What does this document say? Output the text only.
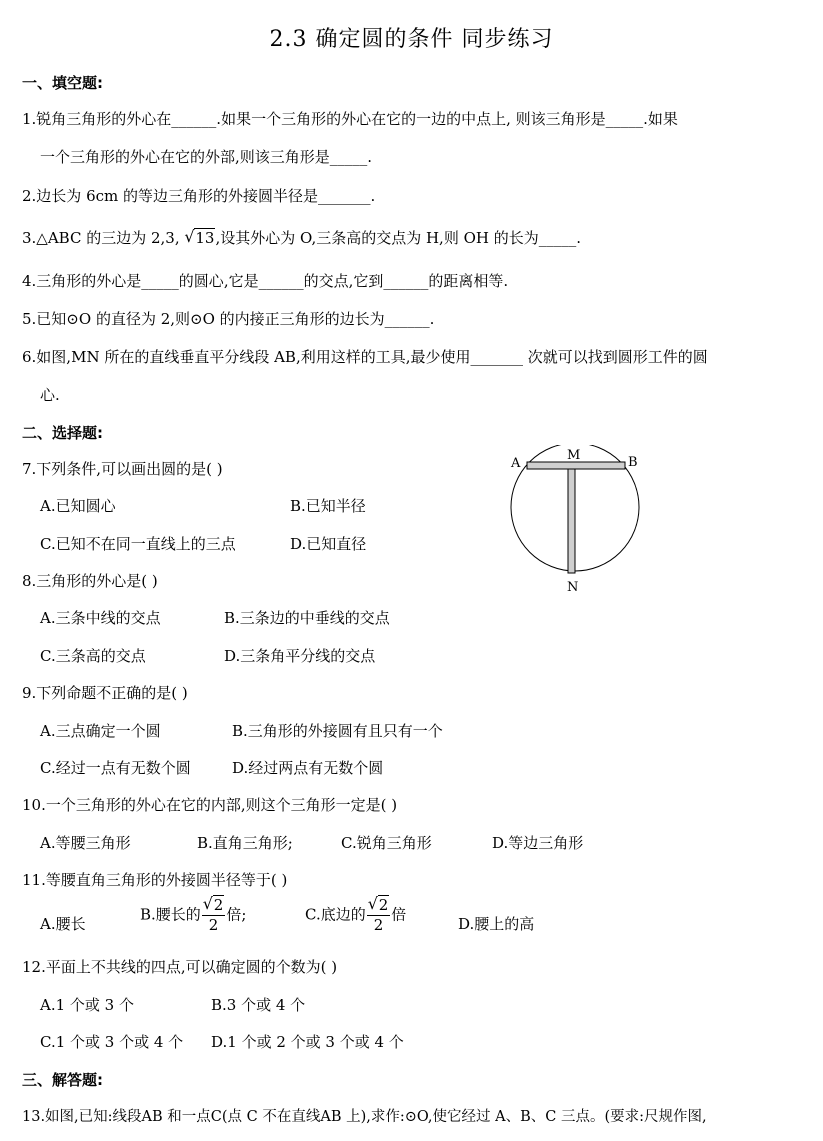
2.3 确定圆的条件 同步练习
一、填空题:
1.锐角三角形的外心在______.如果一个三角形的外心在它的一边的中点上, 则该三角形是_____.如果
一个三角形的外心在它的外部,则该三角形是_____.
2.边长为 6cm 的等边三角形的外接圆半径是_______.
3.△ABC 的三边为 2,3, √ 13,设其外心为 O,三条高的交点为 H,则 OH 的长为_____.
4.三角形的外心是_____的圆心,它是______的交点,它到______的距离相等.
5.已知⊙O 的直径为 2,则⊙O 的内接正三角形的边长为______.
6.如图,MN 所在的直线垂直平分线段 AB,利用这样的工具,最少使用_______ 次就可以找到圆形工件的圆
心.
二、选择题:
7.下列条件,可以画出圆的是( )
A.已知圆心	B.已知半径
C.已知不在同一直线上的三点	D.已知直径
8.三角形的外心是( )
A.三条中线的交点	B.三条边的中垂线的交点
C.三条高的交点	D.三条角平分线的交点
9.下列命题不正确的是( )
A.三点确定一个圆	B.三角形的外接圆有且只有一个
C.经过一点有无数个圆	D.经过两点有无数个圆
10.一个三角形的外心在它的内部,则这个三角形一定是( )
A.等腰三角形	B.直角三角形;	C.锐角三角形	D.等边三角形
11.等腰直角三角形的外接圆半径等于( )
A.腰长
B.腰长的 $\frac{√ 2}{2}$ 倍;	C.底边的 $\frac{√ 2}{2}$ 倍
D.腰上的高
12.平面上不共线的四点,可以确定圆的个数为( )
A.1 个或 3 个	B.3 个或 4 个
C.1 个或 3 个或 4 个 D.1 个或 2 个或 3 个或 4 个
三、解答题:
13.如图,已知:线段AB 和一点C(点 C 不在直线AB 上),求作:⊙O,使它经过 A、B、C 三点。(要求:尺规作图,
A	B
M
N
